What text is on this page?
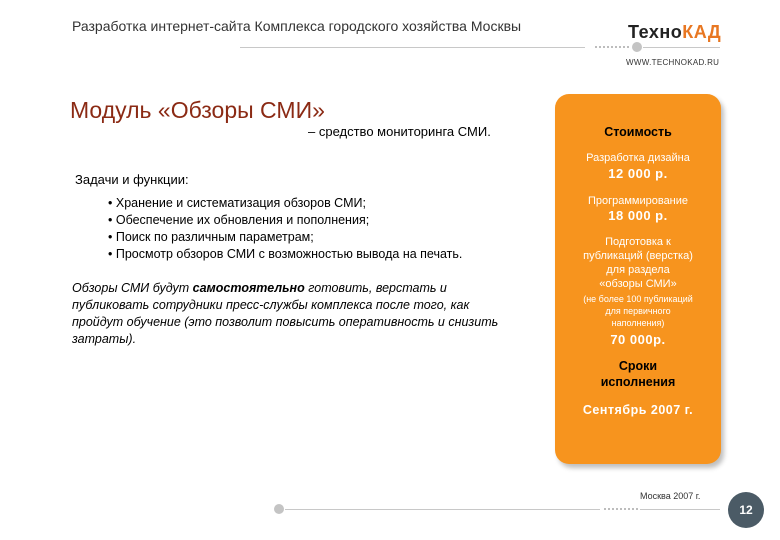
Разработка интернет-сайта Комплекса городского хозяйства Москвы	ТехноКАД
WWW.TECHNOKAD.RU
Модуль «Обзоры СМИ»
– средство мониторинга СМИ.
Задачи и функции:
• Хранение и систематизация обзоров СМИ;
• Обеспечение их обновления и пополнения;
• Поиск по различным параметрам;
• Просмотр обзоров СМИ с возможностью вывода на печать.
Обзоры СМИ будут самостоятельно готовить, верстать и публиковать сотрудники пресс-службы комплекса после того, как пройдут обучение (это позволит повысить оперативность и снизить затраты).
Стоимость
Разработка дизайна
12 000 р.
Программирование
18 000 р.
Подготовка к
публикаций (верстка)
для раздела
«обзоры СМИ»
(не более 100 публикаций
для первичного
наполнения)
70 000р.
Сроки
исполнения
Сентябрь 2007 г.
Москва 2007 г.
12
